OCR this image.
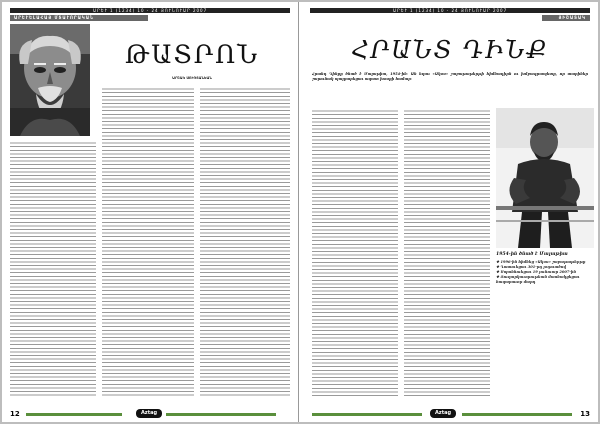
ԱՐԵՒ 1 (1234) 10 - 24 ՅՈՒՆՈՒԱՐ 2007
ԱՐԵՒԵԼԱՀԱՅ ՄՏԱՒՈՐԱԿԱՆ
ԹԱՏՐՈՆ
ԱՐՇԱԿ ՍՈՒՌՏԱՆԵԱՆ
12	Aztag
ԱՐԵՒ 1 (1234) 10 - 24 ՅՈՒՆՈՒԱՐ 2007
ՅԻՇԱՏԱԿ
ՀՐԱՆՏ ԴԻՆՔ
Հրանդ Դինքը ծնած է Մալաթիա, 1954-ին։ Ան եղաւ «Ակօս» շաբաթաթերթի հիմնադիրն ու խմբագրապետը, որ տարիներ շարունակ պայքարեցաւ ազատ խօսքի համար։
1954-ին ծնած է Մալաթիա
❖ 1996-ին հիմնեց «Ակօս» շաբաթաթերթը
❖ Դատուեցաւ 301-րդ յօդուածով
❖ Սպաննուեցաւ 19 յունուար 2007-ին
❖ Յուղարկաւորութեան մասնակցեցաւ հազարաւոր մարդ
Aztag	13
